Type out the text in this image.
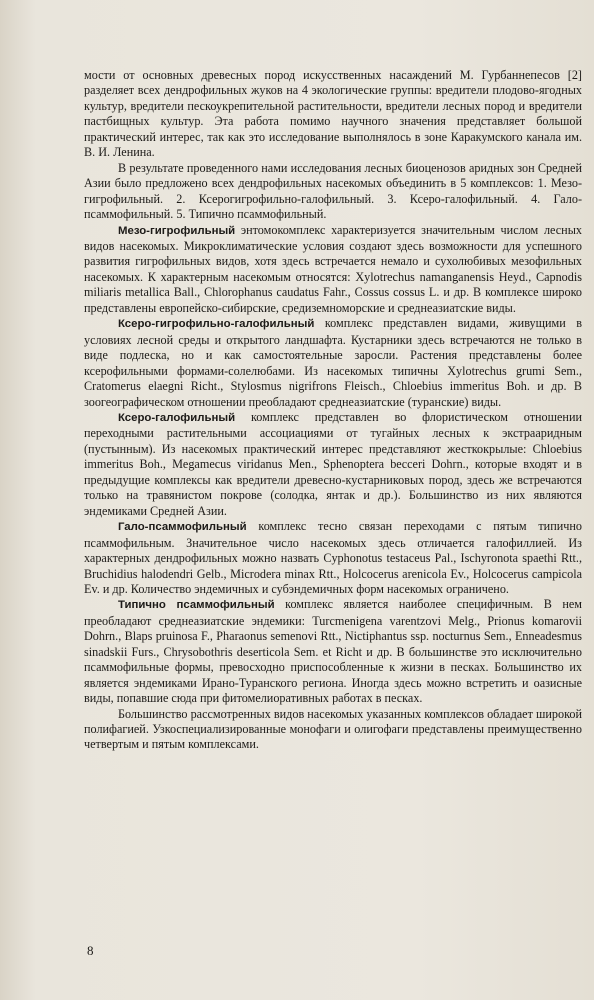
мости от основных древесных пород искусственных насаждений М. Гурбаннепесов [2] разделяет всех дендрофильных жуков на 4 экологические группы: вредители плодово-ягодных культур, вредители пескоукрепительной растительности, вредители лесных пород и вредители пастбищных культур. Эта работа помимо научного значения представляет большой практический интерес, так как это исследование выполнялось в зоне Каракумского канала им. В. И. Ленина.

В результате проведенного нами исследования лесных биоценозов аридных зон Средней Азии было предложено всех дендрофильных насекомых объединить в 5 комплексов: 1. Мезо-гигрофильный. 2. Ксерогигрофильно-галофильный. 3. Ксеро-галофильный. 4. Гало-псаммофильный. 5. Типично псаммофильный.

Мезо-гигрофильный энтомокомплекс характеризуется значительным числом лесных видов насекомых. Микроклиматические условия создают здесь возможности для успешного развития гигрофильных видов, хотя здесь встречается немало и сухолюбивых мезофильных насекомых. К характерным насекомым относятся: Xylotrechus namanganensis Heyd., Capnodis miliaris metallica Ball., Chlorophanus caudatus Fahr., Cossus cossus L. и др. В комплексе широко представлены европейско-сибирские, средиземноморские и среднеазиатские виды.

Ксеро-гигрофильно-галофильный комплекс представлен видами, живущими в условиях лесной среды и открытого ландшафта. Кустарники здесь встречаются не только в виде подлеска, но и как самостоятельные заросли. Растения представлены более ксерофильными формами-солелюбами. Из насекомых типичны Xylotrechus grumi Sem., Cratomerus elaegni Richt., Stylosmus nigrifrons Fleisch., Chloebius immeritus Boh. и др. В зоогеографическом отношении преобладают среднеазиатские (туранские) виды.

Ксеро-галофильный комплекс представлен во флористическом отношении переходными растительными ассоциациями от тугайных лесных к экстрааридным (пустынным). Из насекомых практический интерес представляют жесткокрылые: Chloebius immeritus Boh., Megamecus viridanus Men., Sphenoptera becceri Dohrn., которые входят и в предыдущие комплексы как вредители древесно-кустарниковых пород, здесь же встречаются только на травянистом покрове (солодка, янтак и др.). Большинство из них являются эндемиками Средней Азии.

Гало-псаммофильный комплекс тесно связан переходами с пятым типично псаммофильным. Значительное число насекомых здесь отличается галофиллией. Из характерных дендрофильных можно назвать Cyphonotus testaceus Pal., Ischyronota spaethi Rtt., Bruchidius halodendri Gelb., Microdera minax Rtt., Holcocerus arenicola Ev., Holcocerus campicola Ev. и др. Количество эндемичных и субэндемичных форм насекомых ограничено.

Типично псаммофильный комплекс является наиболее специфичным. В нем преобладают среднеазиатские эндемики: Turcmenigena varentzovi Melg., Prionus komarovii Dohrn., Blaps pruinosa F., Pharaonus semenovi Rtt., Nictiphantus ssp. nocturnus Sem., Enneadesmus sinadskii Furs., Chrysobothris deserticola Sem. et Richt и др. В большинстве это исключительно псаммофильные формы, превосходно приспособленные к жизни в песках. Большинство их является эндемиками Ирано-Туранского региона. Иногда здесь можно встретить и оазисные виды, попавшие сюда при фитомелиоративных работах в песках.

Большинство рассмотренных видов насекомых указанных комплексов обладает широкой полифагией. Узкоспециализированные монофаги и олигофаги представлены преимущественно четвертым и пятым комплексами.

8
